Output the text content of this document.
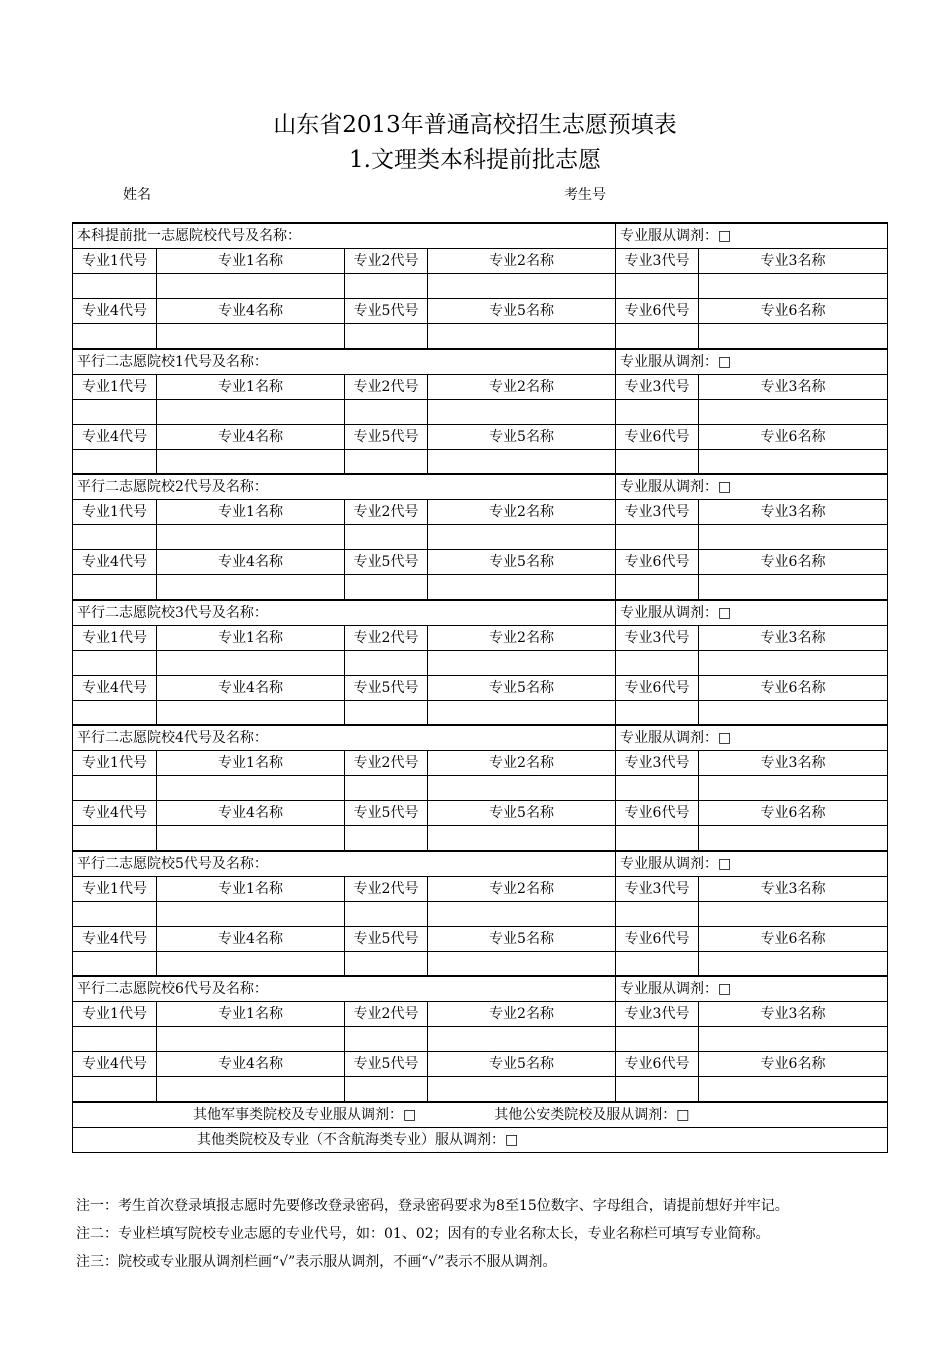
山东省2013年普通高校招生志愿预填表
1.文理类本科提前批志愿
姓名	考生号
本科提前批一志愿院校代号及名称：				专业服从调剂：□	
专业1代号	专业1名称	专业2代号	专业2名称	专业3代号	专业3名称

专业4代号	专业4名称	专业5代号	专业5名称	专业6代号	专业6名称

平行二志愿院校1代号及名称：				专业服从调剂：□	
专业1代号	专业1名称	专业2代号	专业2名称	专业3代号	专业3名称

专业4代号	专业4名称	专业5代号	专业5名称	专业6代号	专业6名称

平行二志愿院校2代号及名称：				专业服从调剂：□	
专业1代号	专业1名称	专业2代号	专业2名称	专业3代号	专业3名称

专业4代号	专业4名称	专业5代号	专业5名称	专业6代号	专业6名称

平行二志愿院校3代号及名称：				专业服从调剂：□	
专业1代号	专业1名称	专业2代号	专业2名称	专业3代号	专业3名称

专业4代号	专业4名称	专业5代号	专业5名称	专业6代号	专业6名称

平行二志愿院校4代号及名称：				专业服从调剂：□	
专业1代号	专业1名称	专业2代号	专业2名称	专业3代号	专业3名称

专业4代号	专业4名称	专业5代号	专业5名称	专业6代号	专业6名称

平行二志愿院校5代号及名称：				专业服从调剂：□	
专业1代号	专业1名称	专业2代号	专业2名称	专业3代号	专业3名称

专业4代号	专业4名称	专业5代号	专业5名称	专业6代号	专业6名称

平行二志愿院校6代号及名称：				专业服从调剂：□	
专业1代号	专业1名称	专业2代号	专业2名称	专业3代号	专业3名称

专业4代号	专业4名称	专业5代号	专业5名称	专业6代号	专业6名称

其他军事类院校及专业服从调剂：□ 其他公安类院校及服从调剂：□					
其他类院校及专业（不含航海类专业）服从调剂：□					
注一：考生首次登录填报志愿时先要修改登录密码，登录密码要求为8至15位数字、字母组合，请提前想好并牢记。
注二：专业栏填写院校专业志愿的专业代号，如：01、02；因有的专业名称太长，专业名称栏可填写专业简称。
注三：院校或专业服从调剂栏画“√”表示服从调剂，不画“√”表示不服从调剂。
